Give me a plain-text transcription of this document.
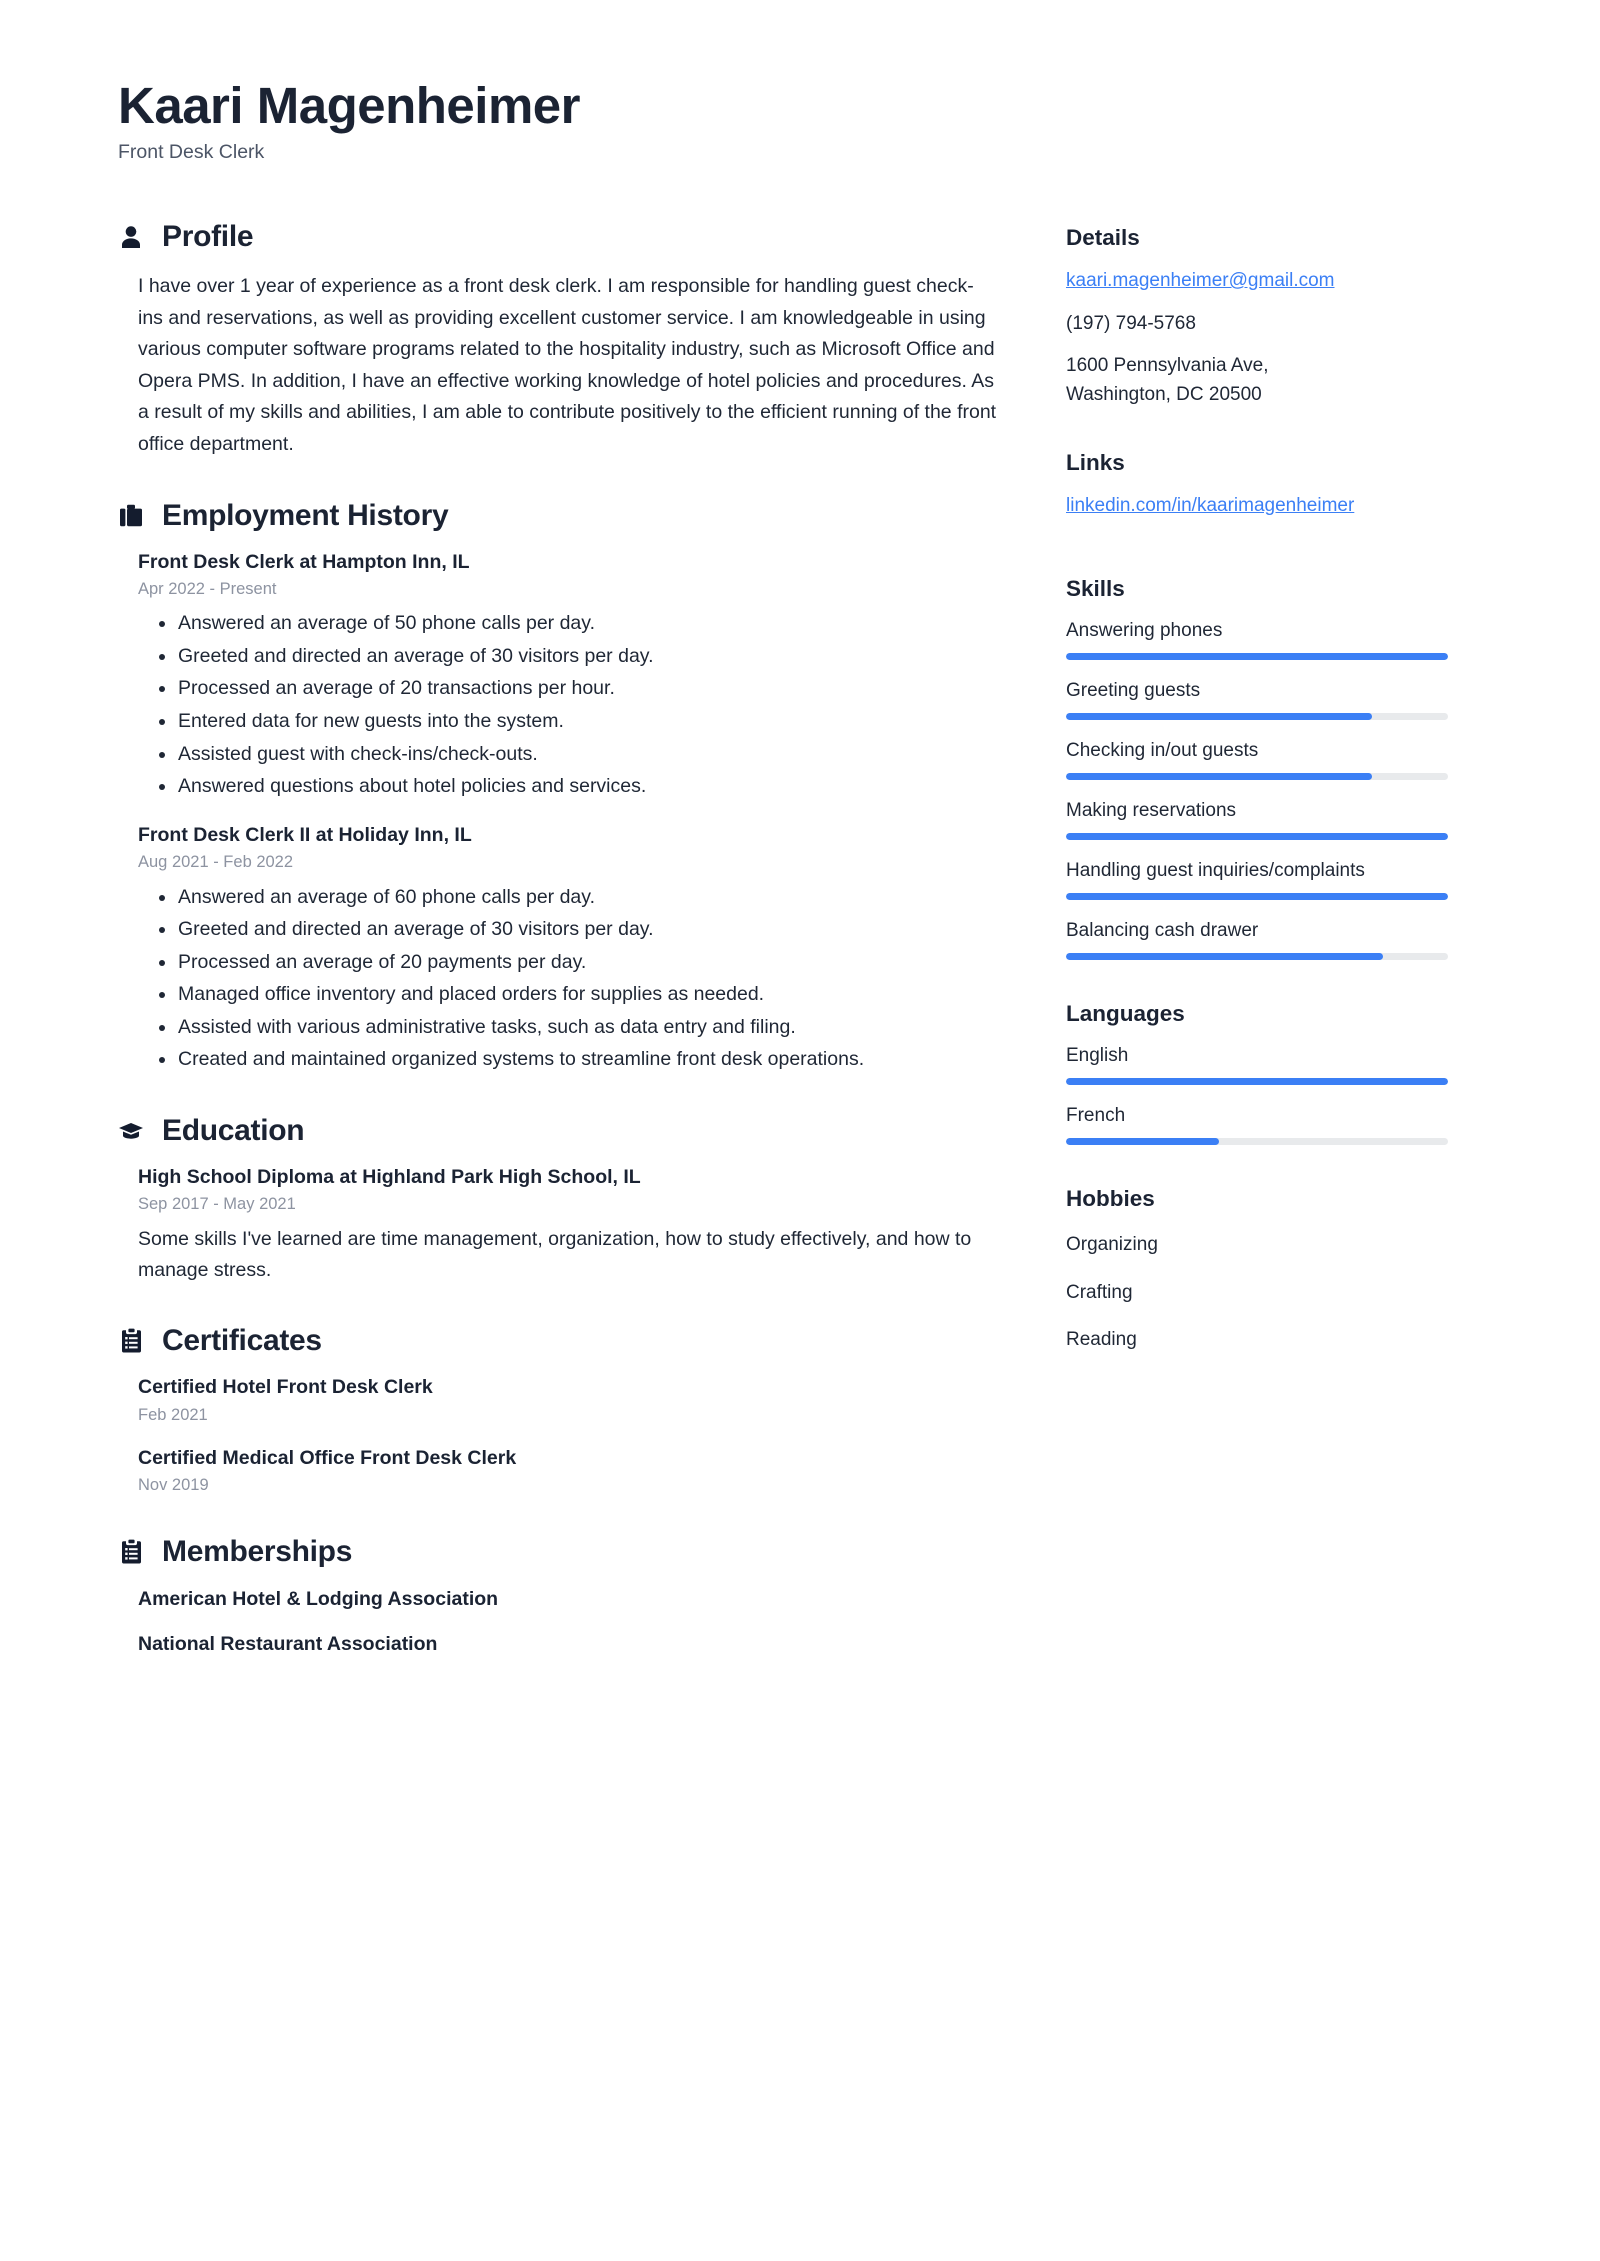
Kaari Magenheimer

Front Desk Clerk

Profile

I have over 1 year of experience as a front desk clerk. I am responsible for handling guest check-ins and reservations, as well as providing excellent customer service. I am knowledgeable in using various computer software programs related to the hospitality industry, such as Microsoft Office and Opera PMS. In addition, I have an effective working knowledge of hotel policies and procedures. As a result of my skills and abilities, I am able to contribute positively to the efficient running of the front office department.

Employment History

Front Desk Clerk at Hampton Inn, IL

Apr 2022 - Present

Answered an average of 50 phone calls per day.
Greeted and directed an average of 30 visitors per day.
Processed an average of 20 transactions per hour.
Entered data for new guests into the system.
Assisted guest with check-ins/check-outs.
Answered questions about hotel policies and services.

Front Desk Clerk II at Holiday Inn, IL

Aug 2021 - Feb 2022

Answered an average of 60 phone calls per day.
Greeted and directed an average of 30 visitors per day.
Processed an average of 20 payments per day.
Managed office inventory and placed orders for supplies as needed.
Assisted with various administrative tasks, such as data entry and filing.
Created and maintained organized systems to streamline front desk operations.
Education

High School Diploma at Highland Park High School, IL

Sep 2017 - May 2021

Some skills I've learned are time management, organization, how to study effectively, and how to manage stress.

Certificates

Certified Hotel Front Desk Clerk

Feb 2021

Certified Medical Office Front Desk Clerk

Nov 2019

Memberships

American Hotel & Lodging Association

National Restaurant Association

Details

kaari.magenheimer@gmail.com

(197) 794-5768

1600 Pennsylvania Ave,

Washington, DC 20500

Links

linkedin.com/in/kaarimagenheimer

Skills

Answering phones

Greeting guests

Checking in/out guests

Making reservations

Handling guest inquiries/complaints

Balancing cash drawer

Languages

English

French

Hobbies

Organizing

Crafting

Reading
